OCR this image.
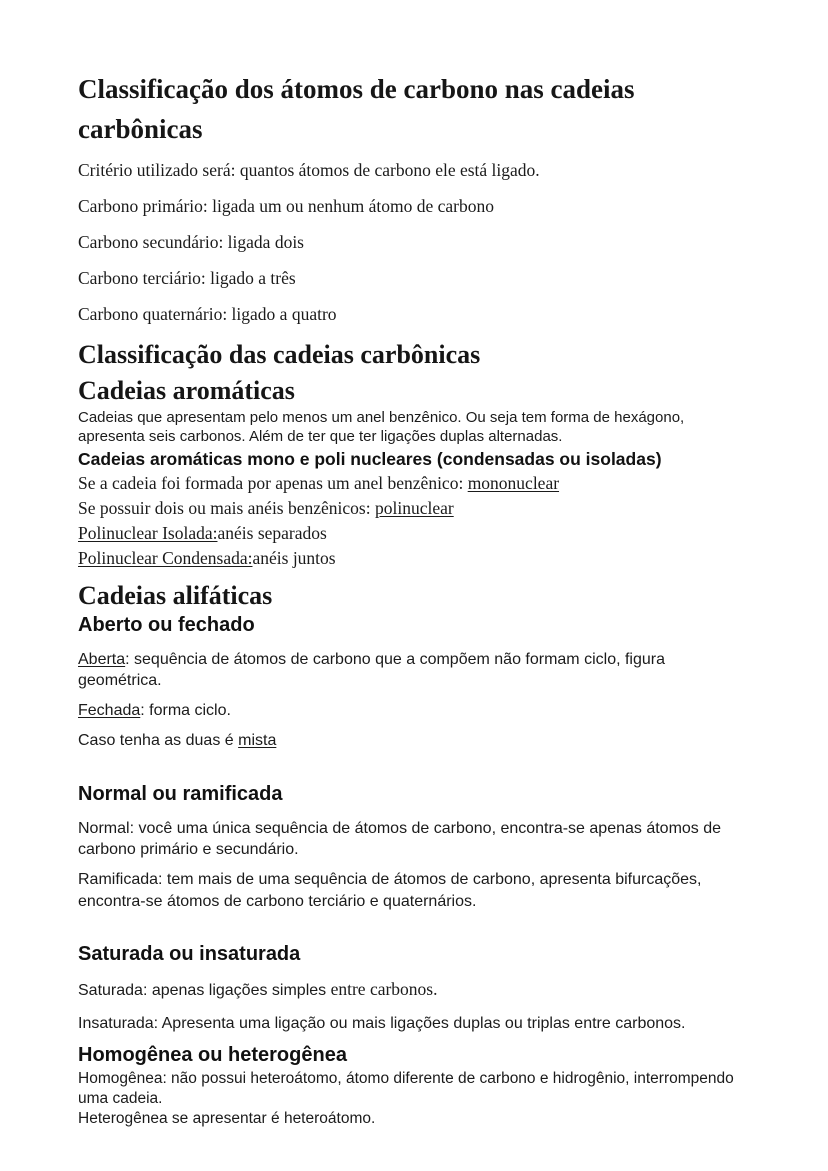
Classificação dos átomos de carbono nas cadeias carbônicas

Critério utilizado será: quantos átomos de carbono ele está ligado.

Carbono primário: ligada um ou nenhum átomo de carbono

Carbono secundário: ligada dois

Carbono terciário: ligado a três

Carbono quaternário: ligado a quatro

Classificação das cadeias carbônicas
Cadeias aromáticas

Cadeias que apresentam pelo menos um anel benzênico. Ou seja tem forma de hexágono, apresenta seis carbonos. Além de ter que ter ligações duplas alternadas.

Cadeias aromáticas mono e poli nucleares (condensadas ou isoladas)

Se a cadeia foi formada por apenas um anel benzênico: mononuclear

Se possuir dois ou mais anéis benzênicos: polinuclear

Polinuclear Isolada:anéis separados

Polinuclear Condensada:anéis juntos

Cadeias alifáticas
Aberto ou fechado

Aberta: sequência de átomos de carbono que a compõem não formam ciclo, figura geométrica.

Fechada: forma ciclo.

Caso tenha as duas é mista

Normal ou ramificada

Normal: você uma única sequência de átomos de carbono, encontra-se apenas átomos de carbono primário e secundário.

Ramificada: tem mais de uma sequência de átomos de carbono, apresenta bifurcações, encontra-se átomos de carbono terciário e quaternários.

Saturada ou insaturada

Saturada: apenas ligações simples entre carbonos.

Insaturada: Apresenta uma ligação ou mais ligações duplas ou triplas entre carbonos.

Homogênea ou heterogênea

Homogênea: não possui heteroátomo, átomo diferente de carbono e hidrogênio, interrompendo uma cadeia.

Heterogênea se apresentar é heteroátomo.
